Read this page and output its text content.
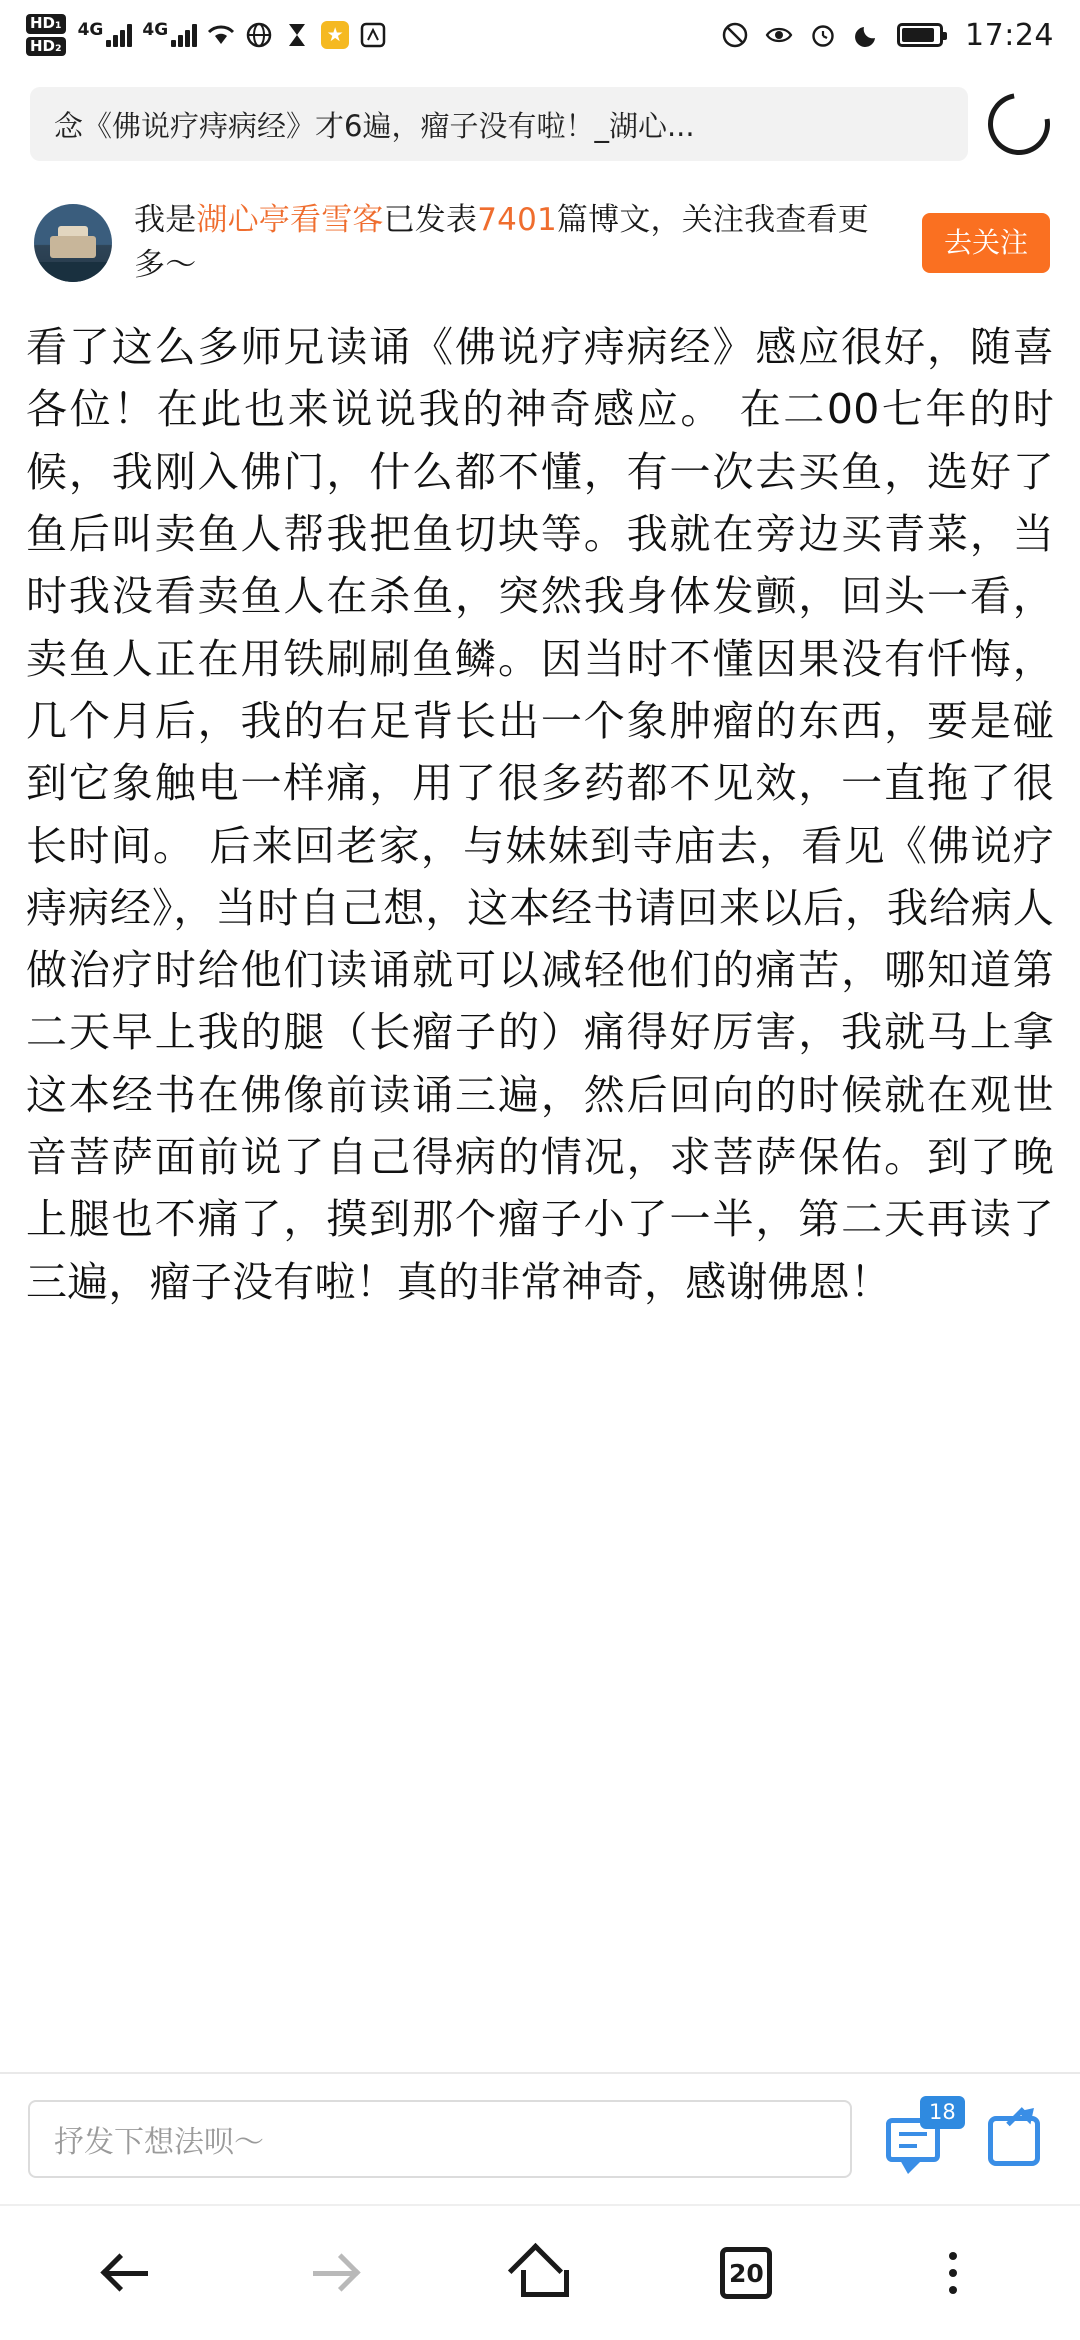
HD₁
HD₂
4G 4G	★	17:24
念《佛说疗痔病经》才6遍，瘤子没有啦！_湖心...
我是湖心亭看雪客已发表7401篇博文，关注我查看更多～
去关注
看了这么多师兄读诵《佛说疗痔病经》感应很好，随喜各位！在此也来说说我的神奇感应。 在二00七年的时候，我刚入佛门，什么都不懂，有一次去买鱼，选好了鱼后叫卖鱼人帮我把鱼切块等。我就在旁边买青菜，当时我没看卖鱼人在杀鱼，突然我身体发颤，回头一看，卖鱼人正在用铁刷刷鱼鳞。因当时不懂因果没有忏悔，几个月后，我的右足背长出一个象肿瘤的东西，要是碰到它象触电一样痛，用了很多药都不见效，一直拖了很长时间。 后来回老家，与妹妹到寺庙去，看见《佛说疗痔病经》，当时自己想，这本经书请回来以后，我给病人做治疗时给他们读诵就可以减轻他们的痛苦，哪知道第二天早上我的腿（长瘤子的）痛得好厉害，我就马上拿这本经书在佛像前读诵三遍，然后回向的时候就在观世音菩萨面前说了自己得病的情况，求菩萨保佑。到了晚上腿也不痛了，摸到那个瘤子小了一半，第二天再读了三遍，瘤子没有啦！真的非常神奇，感谢佛恩！
抒发下想法呗～
18
20
